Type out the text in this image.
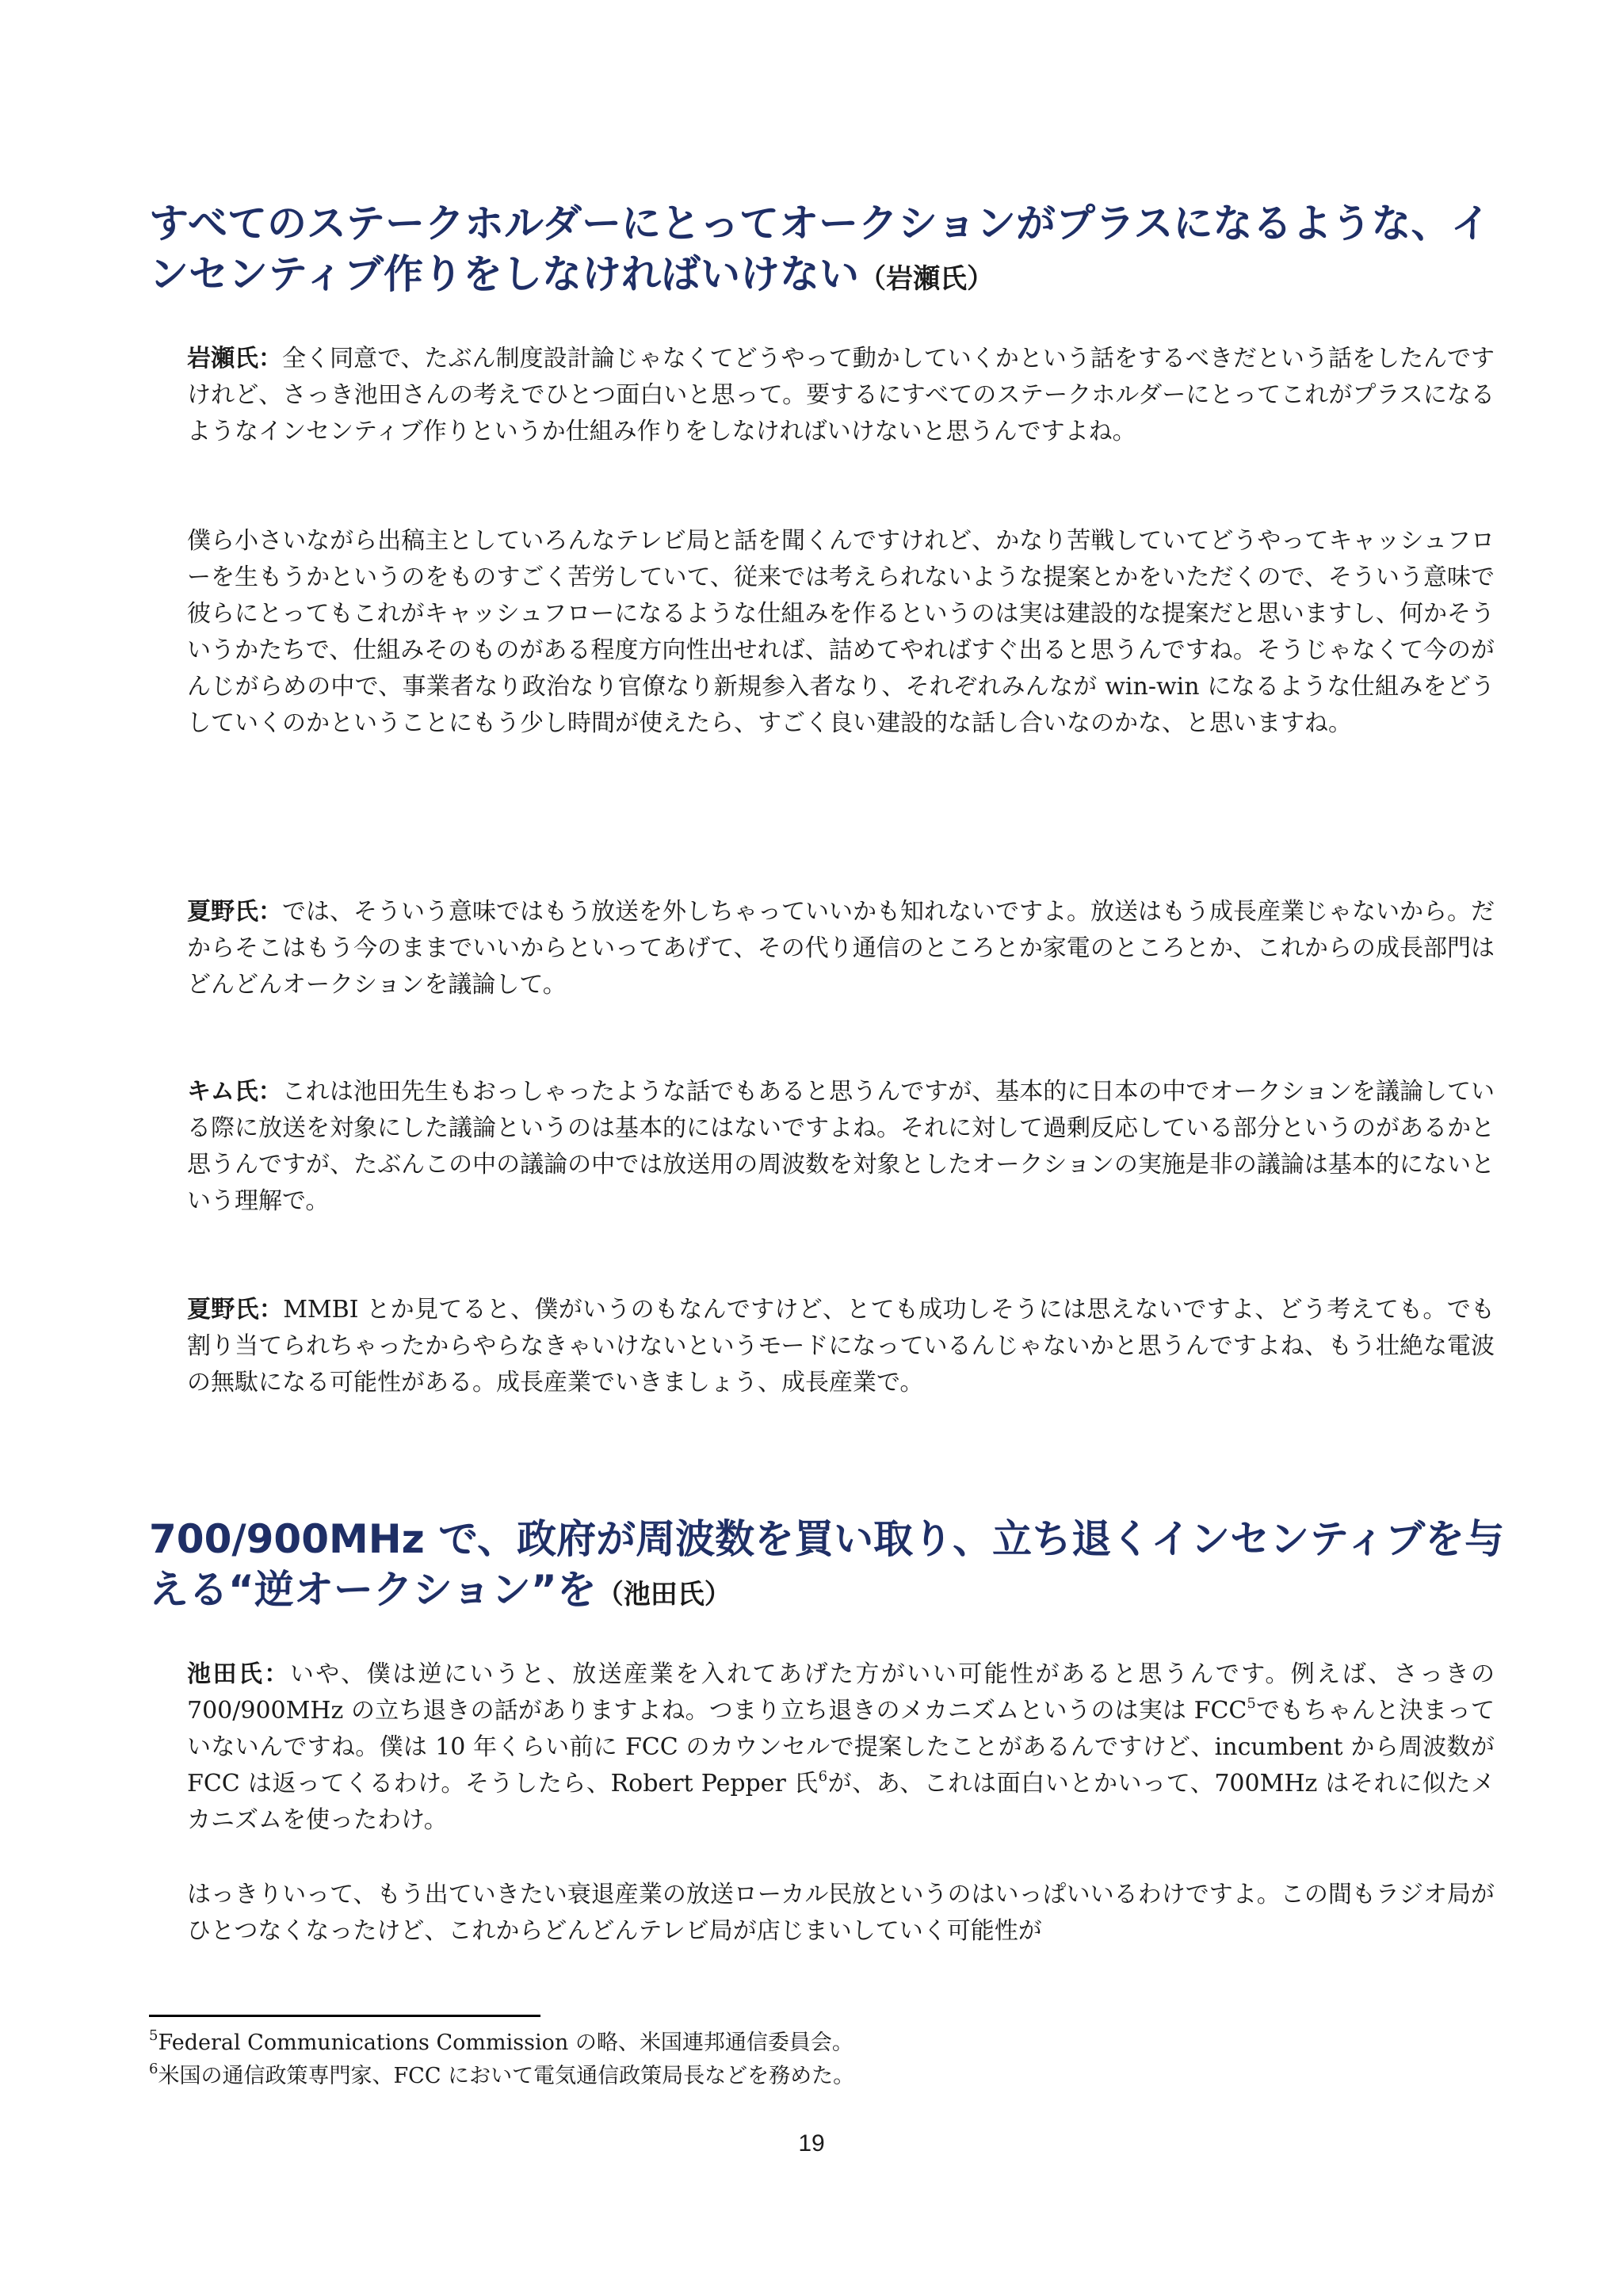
すべてのステークホルダーにとってオークションがプラスになるような、インセンティブ作りをしなければいけない（岩瀬氏）

岩瀬氏：全く同意で、たぶん制度設計論じゃなくてどうやって動かしていくかという話をするべきだという話をしたんですけれど、さっき池田さんの考えでひとつ面白いと思って。要するにすべてのステークホルダーにとってこれがプラスになるようなインセンティブ作りというか仕組み作りをしなければいけないと思うんですよね。

僕ら小さいながら出稿主としていろんなテレビ局と話を聞くんですけれど、かなり苦戦していてどうやってキャッシュフローを生もうかというのをものすごく苦労していて、従来では考えられないような提案とかをいただくので、そういう意味で彼らにとってもこれがキャッシュフローになるような仕組みを作るというのは実は建設的な提案だと思いますし、何かそういうかたちで、仕組みそのものがある程度方向性出せれば、詰めてやればすぐ出ると思うんですね。そうじゃなくて今のがんじがらめの中で、事業者なり政治なり官僚なり新規参入者なり、それぞれみんなが win-win になるような仕組みをどうしていくのかということにもう少し時間が使えたら、すごく良い建設的な話し合いなのかな、と思いますね。

夏野氏：では、そういう意味ではもう放送を外しちゃっていいかも知れないですよ。放送はもう成長産業じゃないから。だからそこはもう今のままでいいからといってあげて、その代り通信のところとか家電のところとか、これからの成長部門はどんどんオークションを議論して。

キム氏：これは池田先生もおっしゃったような話でもあると思うんですが、基本的に日本の中でオークションを議論している際に放送を対象にした議論というのは基本的にはないですよね。それに対して過剰反応している部分というのがあるかと思うんですが、たぶんこの中の議論の中では放送用の周波数を対象としたオークションの実施是非の議論は基本的にないという理解で。

夏野氏：MMBI とか見てると、僕がいうのもなんですけど、とても成功しそうには思えないですよ、どう考えても。でも割り当てられちゃったからやらなきゃいけないというモードになっているんじゃないかと思うんですよね、もう壮絶な電波の無駄になる可能性がある。成長産業でいきましょう、成長産業で。

700/900MHz で、政府が周波数を買い取り、立ち退くインセンティブを与える“逆オークション”を（池田氏）

池田氏：いや、僕は逆にいうと、放送産業を入れてあげた方がいい可能性があると思うんです。例えば、さっきの 700/900MHz の立ち退きの話がありますよね。つまり立ち退きのメカニズムというのは実は FCC$^5$でもちゃんと決まっていないんですね。僕は 10 年くらい前に FCC のカウンセルで提案したことがあるんですけど、incumbent から周波数が FCC は返ってくるわけ。そうしたら、Robert Pepper 氏$^6$が、あ、これは面白いとかいって、700MHz はそれに似たメカニズムを使ったわけ。

はっきりいって、もう出ていきたい衰退産業の放送ローカル民放というのはいっぱいいるわけですよ。この間もラジオ局がひとつなくなったけど、これからどんどんテレビ局が店じまいしていく可能性が

$^5$Federal Communications Commission の略、米国連邦通信委員会。

$^6$米国の通信政策専門家、FCC において電気通信政策局長などを務めた。

19
